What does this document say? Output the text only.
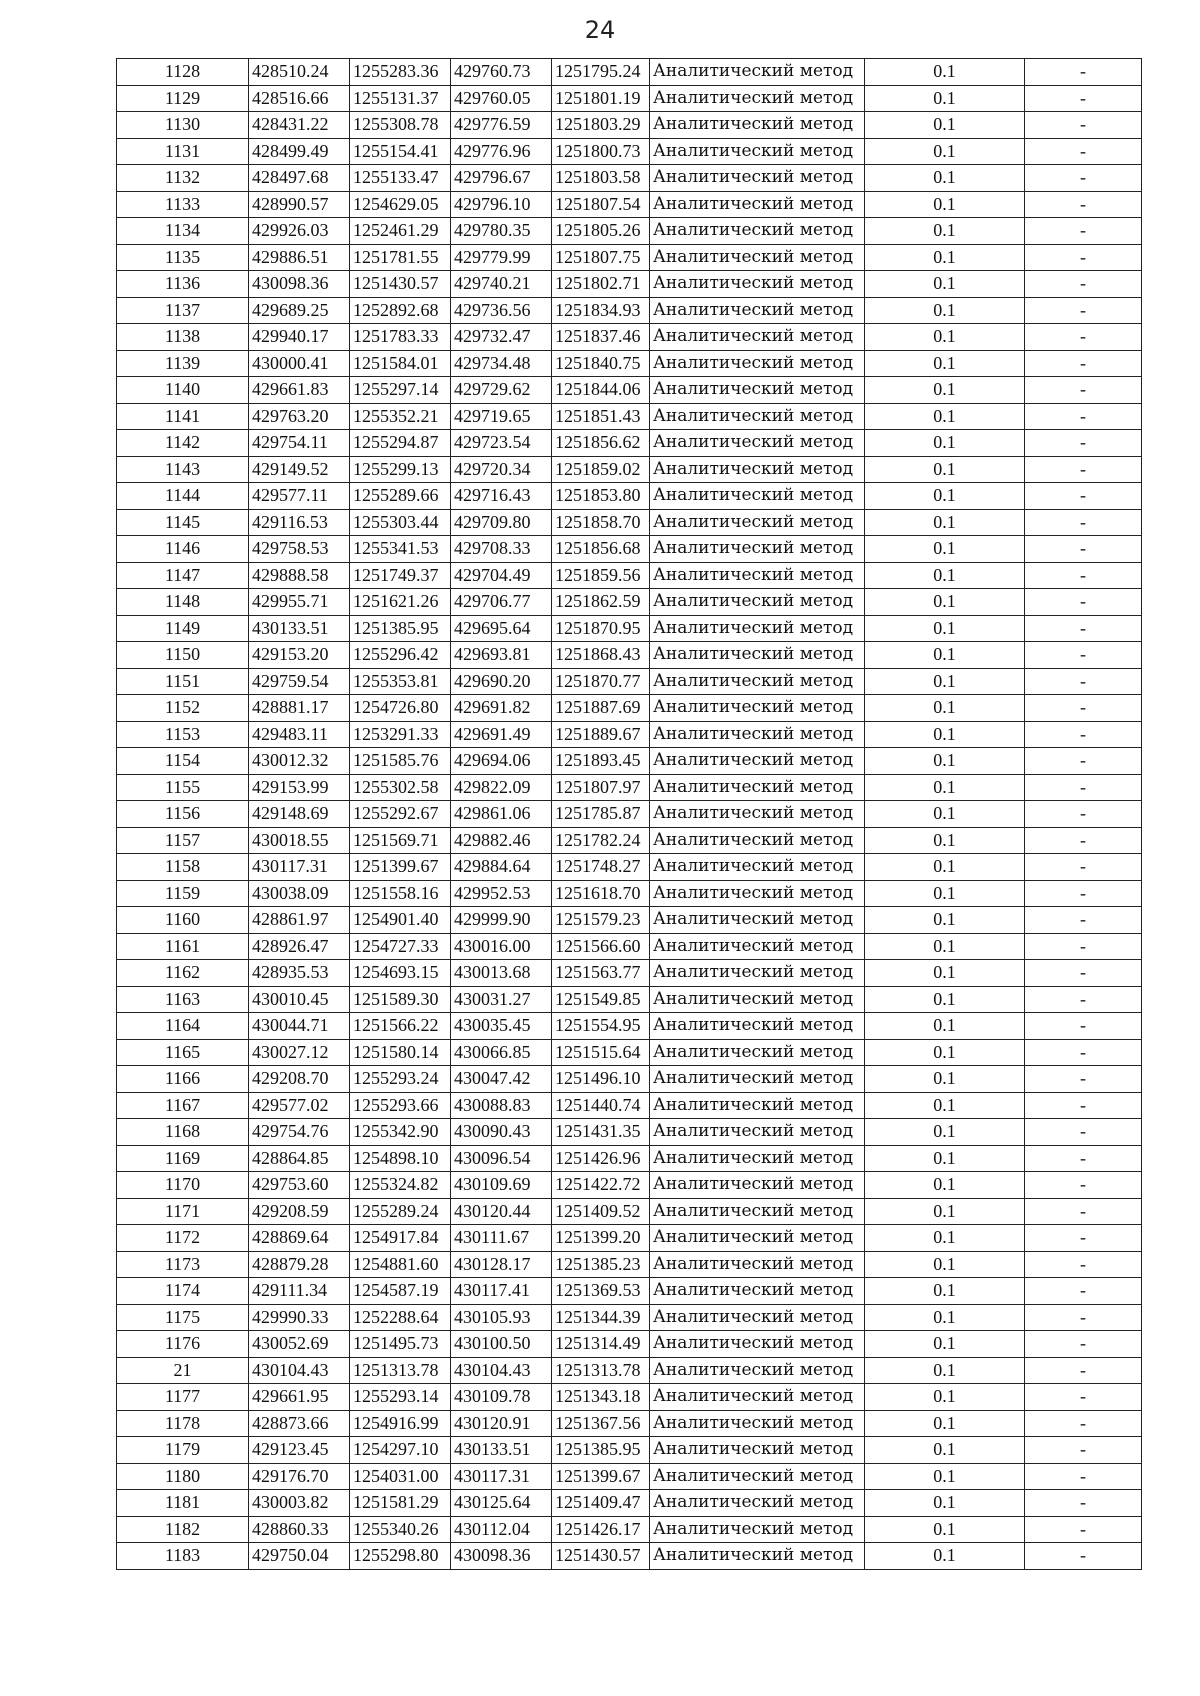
24
1128	428510.24	1255283.36	429760.73	1251795.24	Аналитический метод	0.1	-
1129	428516.66	1255131.37	429760.05	1251801.19	Аналитический метод	0.1	-
1130	428431.22	1255308.78	429776.59	1251803.29	Аналитический метод	0.1	-
1131	428499.49	1255154.41	429776.96	1251800.73	Аналитический метод	0.1	-
1132	428497.68	1255133.47	429796.67	1251803.58	Аналитический метод	0.1	-
1133	428990.57	1254629.05	429796.10	1251807.54	Аналитический метод	0.1	-
1134	429926.03	1252461.29	429780.35	1251805.26	Аналитический метод	0.1	-
1135	429886.51	1251781.55	429779.99	1251807.75	Аналитический метод	0.1	-
1136	430098.36	1251430.57	429740.21	1251802.71	Аналитический метод	0.1	-
1137	429689.25	1252892.68	429736.56	1251834.93	Аналитический метод	0.1	-
1138	429940.17	1251783.33	429732.47	1251837.46	Аналитический метод	0.1	-
1139	430000.41	1251584.01	429734.48	1251840.75	Аналитический метод	0.1	-
1140	429661.83	1255297.14	429729.62	1251844.06	Аналитический метод	0.1	-
1141	429763.20	1255352.21	429719.65	1251851.43	Аналитический метод	0.1	-
1142	429754.11	1255294.87	429723.54	1251856.62	Аналитический метод	0.1	-
1143	429149.52	1255299.13	429720.34	1251859.02	Аналитический метод	0.1	-
1144	429577.11	1255289.66	429716.43	1251853.80	Аналитический метод	0.1	-
1145	429116.53	1255303.44	429709.80	1251858.70	Аналитический метод	0.1	-
1146	429758.53	1255341.53	429708.33	1251856.68	Аналитический метод	0.1	-
1147	429888.58	1251749.37	429704.49	1251859.56	Аналитический метод	0.1	-
1148	429955.71	1251621.26	429706.77	1251862.59	Аналитический метод	0.1	-
1149	430133.51	1251385.95	429695.64	1251870.95	Аналитический метод	0.1	-
1150	429153.20	1255296.42	429693.81	1251868.43	Аналитический метод	0.1	-
1151	429759.54	1255353.81	429690.20	1251870.77	Аналитический метод	0.1	-
1152	428881.17	1254726.80	429691.82	1251887.69	Аналитический метод	0.1	-
1153	429483.11	1253291.33	429691.49	1251889.67	Аналитический метод	0.1	-
1154	430012.32	1251585.76	429694.06	1251893.45	Аналитический метод	0.1	-
1155	429153.99	1255302.58	429822.09	1251807.97	Аналитический метод	0.1	-
1156	429148.69	1255292.67	429861.06	1251785.87	Аналитический метод	0.1	-
1157	430018.55	1251569.71	429882.46	1251782.24	Аналитический метод	0.1	-
1158	430117.31	1251399.67	429884.64	1251748.27	Аналитический метод	0.1	-
1159	430038.09	1251558.16	429952.53	1251618.70	Аналитический метод	0.1	-
1160	428861.97	1254901.40	429999.90	1251579.23	Аналитический метод	0.1	-
1161	428926.47	1254727.33	430016.00	1251566.60	Аналитический метод	0.1	-
1162	428935.53	1254693.15	430013.68	1251563.77	Аналитический метод	0.1	-
1163	430010.45	1251589.30	430031.27	1251549.85	Аналитический метод	0.1	-
1164	430044.71	1251566.22	430035.45	1251554.95	Аналитический метод	0.1	-
1165	430027.12	1251580.14	430066.85	1251515.64	Аналитический метод	0.1	-
1166	429208.70	1255293.24	430047.42	1251496.10	Аналитический метод	0.1	-
1167	429577.02	1255293.66	430088.83	1251440.74	Аналитический метод	0.1	-
1168	429754.76	1255342.90	430090.43	1251431.35	Аналитический метод	0.1	-
1169	428864.85	1254898.10	430096.54	1251426.96	Аналитический метод	0.1	-
1170	429753.60	1255324.82	430109.69	1251422.72	Аналитический метод	0.1	-
1171	429208.59	1255289.24	430120.44	1251409.52	Аналитический метод	0.1	-
1172	428869.64	1254917.84	430111.67	1251399.20	Аналитический метод	0.1	-
1173	428879.28	1254881.60	430128.17	1251385.23	Аналитический метод	0.1	-
1174	429111.34	1254587.19	430117.41	1251369.53	Аналитический метод	0.1	-
1175	429990.33	1252288.64	430105.93	1251344.39	Аналитический метод	0.1	-
1176	430052.69	1251495.73	430100.50	1251314.49	Аналитический метод	0.1	-
21	430104.43	1251313.78	430104.43	1251313.78	Аналитический метод	0.1	-
1177	429661.95	1255293.14	430109.78	1251343.18	Аналитический метод	0.1	-
1178	428873.66	1254916.99	430120.91	1251367.56	Аналитический метод	0.1	-
1179	429123.45	1254297.10	430133.51	1251385.95	Аналитический метод	0.1	-
1180	429176.70	1254031.00	430117.31	1251399.67	Аналитический метод	0.1	-
1181	430003.82	1251581.29	430125.64	1251409.47	Аналитический метод	0.1	-
1182	428860.33	1255340.26	430112.04	1251426.17	Аналитический метод	0.1	-
1183	429750.04	1255298.80	430098.36	1251430.57	Аналитический метод	0.1	-
